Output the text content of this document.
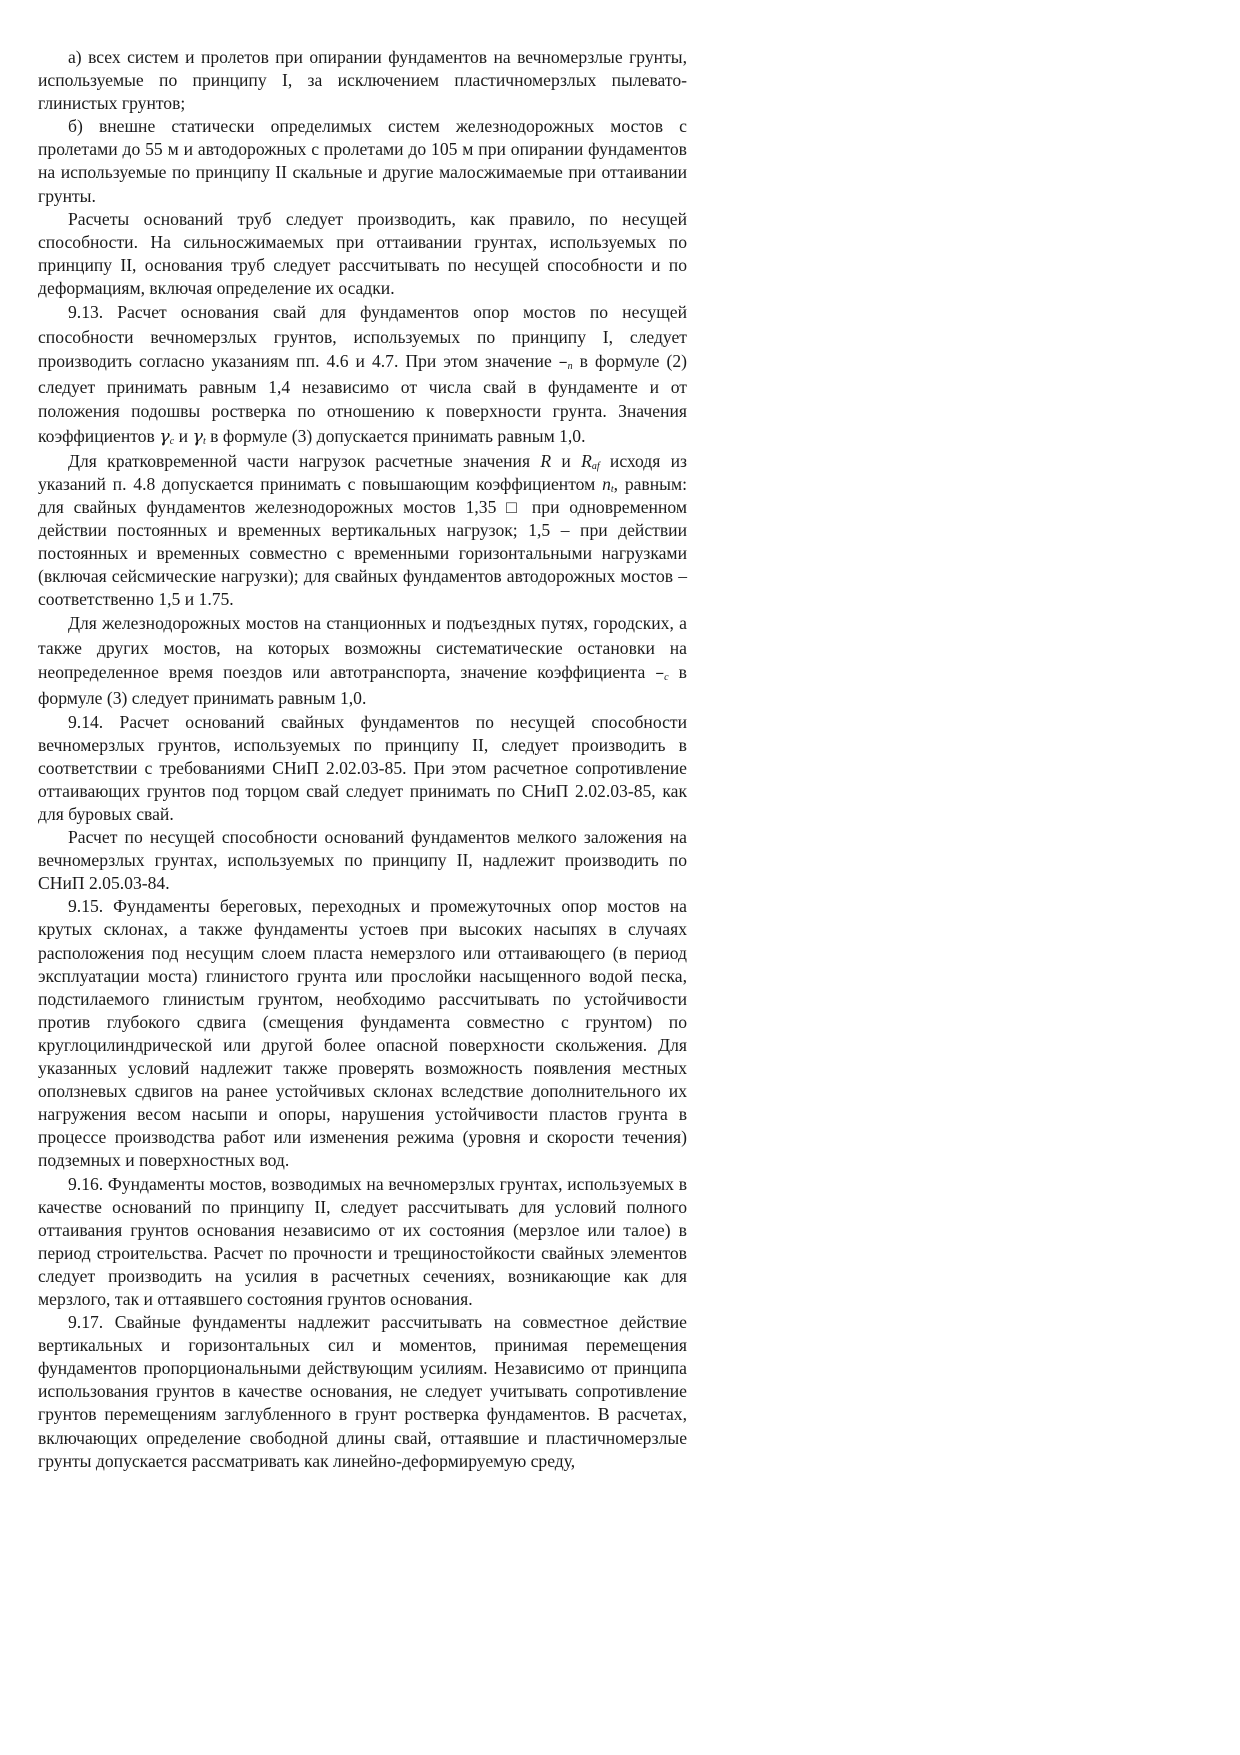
а) всех систем и пролетов при опирании фундаментов на вечномерзлые грунты, используемые по принципу I, за исключением пластичномерзлых пылевато-глинистых грунтов;

б) внешне статически определимых систем железнодорожных мостов с пролетами до 55 м и автодорожных с пролетами до 105 м при опирании фундаментов на используемые по принципу II скальные и другие малосжимаемые при оттаивании грунты.

Расчеты оснований труб следует производить, как правило, по несущей способности. На сильносжимаемых при оттаивании грунтах, используемых по принципу II, основания труб следует рассчитывать по несущей способности и по деформациям, включая определение их осадки.

9.13. Расчет основания свай для фундаментов опор мостов по несущей способности вечномерзлых грунтов, используемых по принципу I, следует производить согласно указаниям пп. 4.6 и 4.7. При этом значение $-_n$ в формуле (2) следует принимать равным 1,4 независимо от числа свай в фундаменте и от положения подошвы ростверка по отношению к поверхности грунта. Значения коэффициентов $\gamma_c$ и $\gamma_t$ в формуле (3) допускается принимать равным 1,0.

Для кратковременной части нагрузок расчетные значения R и $R_{af}$ исходя из указаний п. 4.8 допускается принимать с повышающим коэффициентом $n_t$, равным: для свайных фундаментов железнодорожных мостов 1,35 □ при одновременном действии постоянных и временных вертикальных нагрузок; 1,5 – при действии постоянных и временных совместно с временными горизонтальными нагрузками (включая сейсмические нагрузки); для свайных фундаментов автодорожных мостов – соответственно 1,5 и 1.75.

Для железнодорожных мостов на станционных и подъездных путях, городских, а также других мостов, на которых возможны систематические остановки на неопределенное время поездов или автотранспорта, значение коэффициента $-_c$ в формуле (3) следует принимать равным 1,0.

9.14. Расчет оснований свайных фундаментов по несущей способности вечномерзлых грунтов, используемых по принципу II, следует производить в соответствии с требованиями СНиП 2.02.03-85. При этом расчетное сопротивление оттаивающих грунтов под торцом свай следует принимать по СНиП 2.02.03-85, как для буровых свай.

Расчет по несущей способности оснований фундаментов мелкого заложения на вечномерзлых грунтах, используемых по принципу II, надлежит производить по СНиП 2.05.03-84.

9.15. Фундаменты береговых, переходных и промежуточных опор мостов на крутых склонах, а также фундаменты устоев при высоких насыпях в случаях расположения под несущим слоем пласта немерзлого или оттаивающего (в период эксплуатации моста) глинистого грунта или прослойки насыщенного водой песка, подстилаемого глинистым грунтом, необходимо рассчитывать по устойчивости против глубокого сдвига (смещения фундамента совместно с грунтом) по круглоцилиндрической или другой более опасной поверхности скольжения. Для указанных условий надлежит также проверять возможность появления местных оползневых сдвигов на ранее устойчивых склонах вследствие дополнительного их нагружения весом насыпи и опоры, нарушения устойчивости пластов грунта в процессе производства работ или изменения режима (уровня и скорости течения) подземных и поверхностных вод.

9.16. Фундаменты мостов, возводимых на вечномерзлых грунтах, используемых в качестве оснований по принципу II, следует рассчитывать для условий полного оттаивания грунтов основания независимо от их состояния (мерзлое или талое) в период строительства. Расчет по прочности и трещиностойкости свайных элементов следует производить на усилия в расчетных сечениях, возникающие как для мерзлого, так и оттаявшего состояния грунтов основания.

9.17. Свайные фундаменты надлежит рассчитывать на совместное действие вертикальных и горизонтальных сил и моментов, принимая перемещения фундаментов пропорциональными действующим усилиям. Независимо от принципа использования грунтов в качестве основания, не следует учитывать сопротивление грунтов перемещениям заглубленного в грунт ростверка фундаментов. В расчетах, включающих определение свободной длины свай, оттаявшие и пластичномерзлые грунты допускается рассматривать как линейно-деформируемую среду,
